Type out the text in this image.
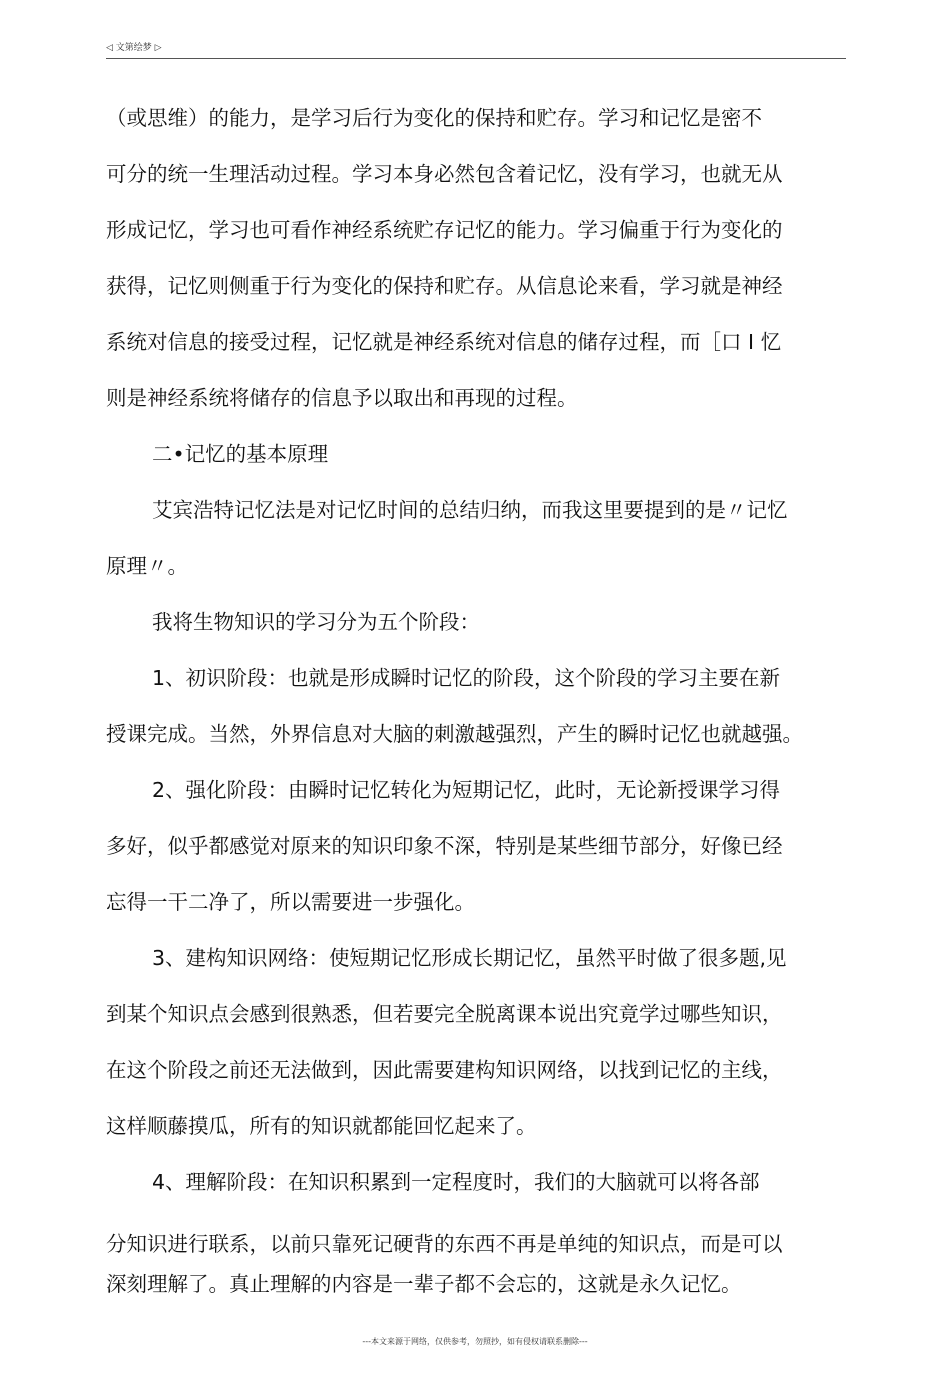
◁ 文第绘梦 ▷
（或思维）的能力，是学习后行为变化的保持和贮存。学习和记忆是密不
可分的统一生理活动过程。学习本身必然包含着记忆，没有学习，也就无从
形成记忆，学习也可看作神经系统贮存记忆的能力。学习偏重于行为变化的
获得，记忆则侧重于行为变化的保持和贮存。从信息论来看，学习就是神经
系统对信息的接受过程，记忆就是神经系统对信息的储存过程，而［口 I 忆
则是神经系统将储存的信息予以取出和再现的过程。
二•记忆的基本原理
艾宾浩特记忆法是对记忆时间的总结归纳，而我这里要提到的是〃记忆
原理〃。
我将生物知识的学习分为五个阶段：
1、初识阶段：也就是形成瞬时记忆的阶段，这个阶段的学习主要在新
授课完成。当然，外界信息对大脑的刺激越强烈，产生的瞬时记忆也就越强。
2、强化阶段：由瞬时记忆转化为短期记忆，此时，无论新授课学习得
多好，似乎都感觉对原来的知识印象不深，特别是某些细节部分，好像已经
忘得一干二净了，所以需要进一步强化。
3、建构知识网络：使短期记忆形成长期记忆，虽然平时做了很多题,见
到某个知识点会感到很熟悉，但若要完全脱离课本说出究竟学过哪些知识，
在这个阶段之前还无法做到，因此需要建构知识网络，以找到记忆的主线，
这样顺藤摸瓜，所有的知识就都能回忆起来了。
4、理解阶段：在知识积累到一定程度时，我们的大脑就可以将各部
分知识进行联系，以前只靠死记硬背的东西不再是单纯的知识点，而是可以
深刻理解了。真止理解的内容是一辈子都不会忘的，这就是永久记忆。
---本文来源于网络，仅供参考，勿照抄，如有侵权请联系删除---
